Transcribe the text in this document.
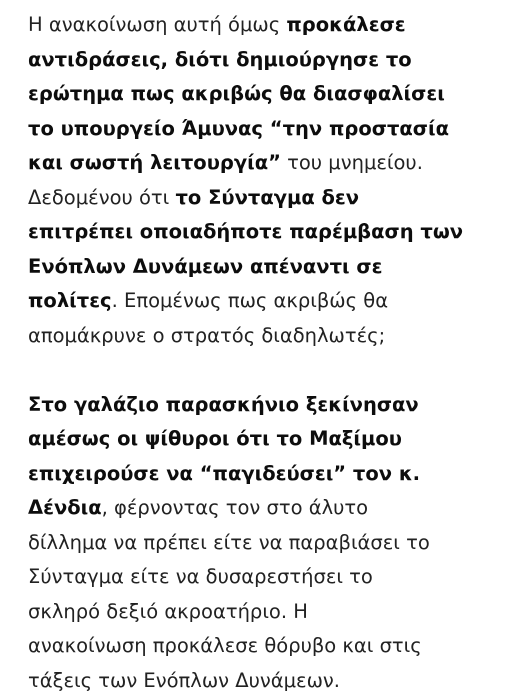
Η ανακοίνωση αυτή όμως προκάλεσε
αντιδράσεις, διότι δημιούργησε το
ερώτημα πως ακριβώς θα διασφαλίσει
το υπουργείο Άμυνας “την προστασία
και σωστή λειτουργία” του μνημείου.
Δεδομένου ότι το Σύνταγμα δεν
επιτρέπει οποιαδήποτε παρέμβαση των
Ενόπλων Δυνάμεων απέναντι σε
πολίτες. Επομένως πως ακριβώς θα
απομάκρυνε ο στρατός διαδηλωτές;
Στο γαλάζιο παρασκήνιο ξεκίνησαν
αμέσως οι ψίθυροι ότι το Μαξίμου
επιχειρούσε να “παγιδεύσει” τον κ.
Δένδια, φέρνοντας τον στο άλυτο
δίλλημα να πρέπει είτε να παραβιάσει το
Σύνταγμα είτε να δυσαρεστήσει το
σκληρό δεξιό ακροατήριο. Η
ανακοίνωση προκάλεσε θόρυβο και στις
τάξεις των Ενόπλων Δυνάμεων.
